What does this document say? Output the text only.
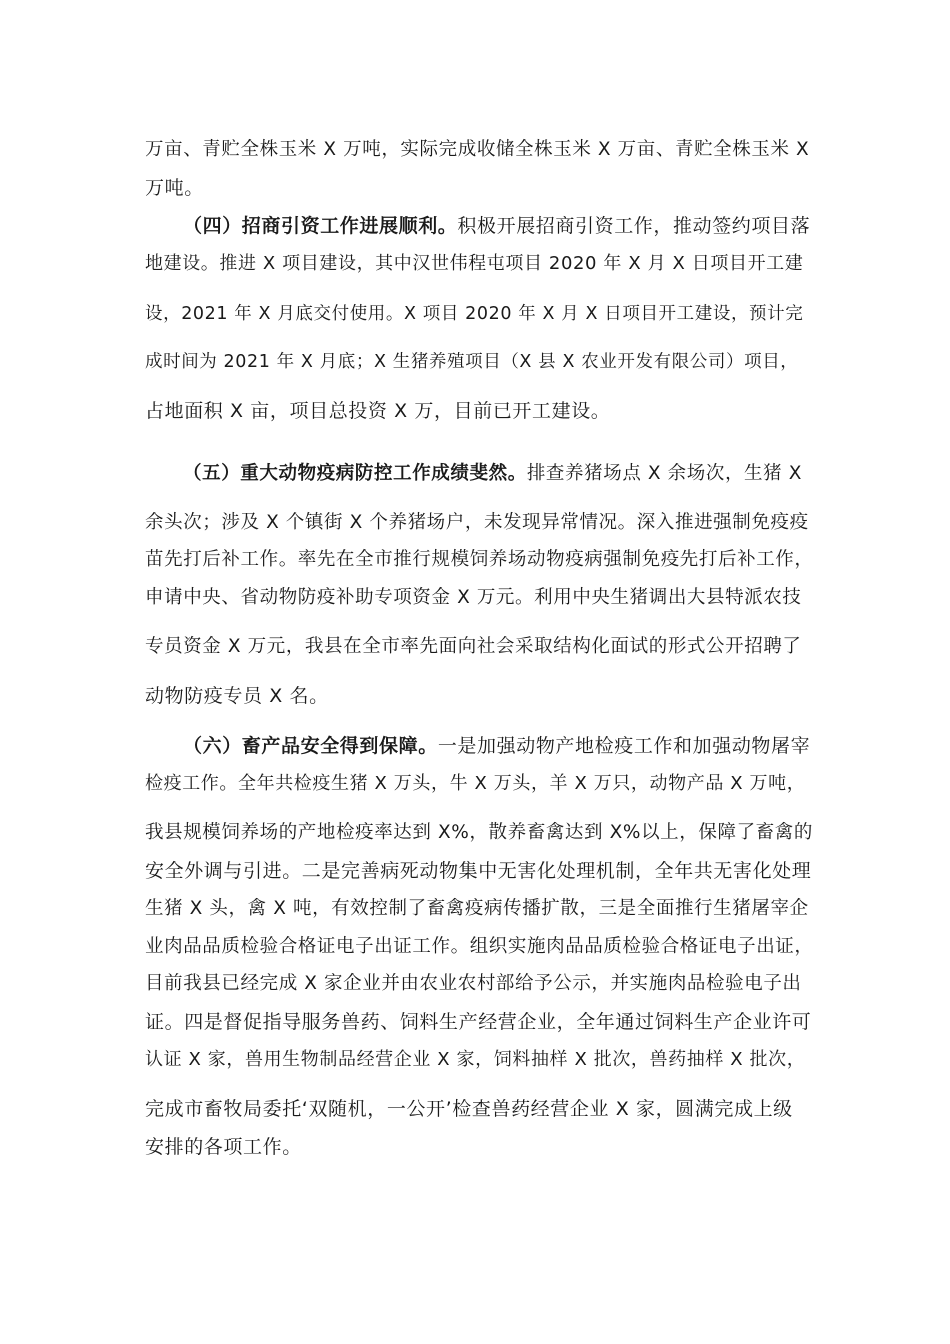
万亩、青贮全株玉米 X 万吨，实际完成收储全株玉米 X 万亩、青贮全株玉米 X
万吨。
（四）招商引资工作进展顺利。积极开展招商引资工作，推动签约项目落
地建设。推进 X 项目建设，其中汉世伟程屯项目 2020 年 X 月 X 日项目开工建
设，2021 年 X 月底交付使用。X 项目 2020 年 X 月 X 日项目开工建设，预计完
成时间为 2021 年 X 月底；X 生猪养殖项目（X 县 X 农业开发有限公司）项目，
占地面积 X 亩，项目总投资 X 万，目前已开工建设。
（五）重大动物疫病防控工作成绩斐然。排查养猪场点 X 余场次，生猪 X
余头次；涉及 X 个镇街 X 个养猪场户，未发现异常情况。深入推进强制免疫疫
苗先打后补工作。率先在全市推行规模饲养场动物疫病强制免疫先打后补工作，
申请中央、省动物防疫补助专项资金 X 万元。利用中央生猪调出大县特派农技
专员资金 X 万元，我县在全市率先面向社会采取结构化面试的形式公开招聘了
动物防疫专员 X 名。
（六）畜产品安全得到保障。一是加强动物产地检疫工作和加强动物屠宰
检疫工作。全年共检疫生猪 X 万头，牛 X 万头，羊 X 万只，动物产品 X 万吨，
我县规模饲养场的产地检疫率达到 X%，散养畜禽达到 X%以上，保障了畜禽的
安全外调与引进。二是完善病死动物集中无害化处理机制，全年共无害化处理
生猪 X 头，禽 X 吨，有效控制了畜禽疫病传播扩散，三是全面推行生猪屠宰企
业肉品品质检验合格证电子出证工作。组织实施肉品品质检验合格证电子出证，
目前我县已经完成 X 家企业并由农业农村部给予公示，并实施肉品检验电子出
证。四是督促指导服务兽药、饲料生产经营企业，全年通过饲料生产企业许可
认证 X 家，兽用生物制品经营企业 X 家，饲料抽样 X 批次，兽药抽样 X 批次，
完成市畜牧局委托‘双随机，一公开’检查兽药经营企业 X 家，圆满完成上级
安排的各项工作。
